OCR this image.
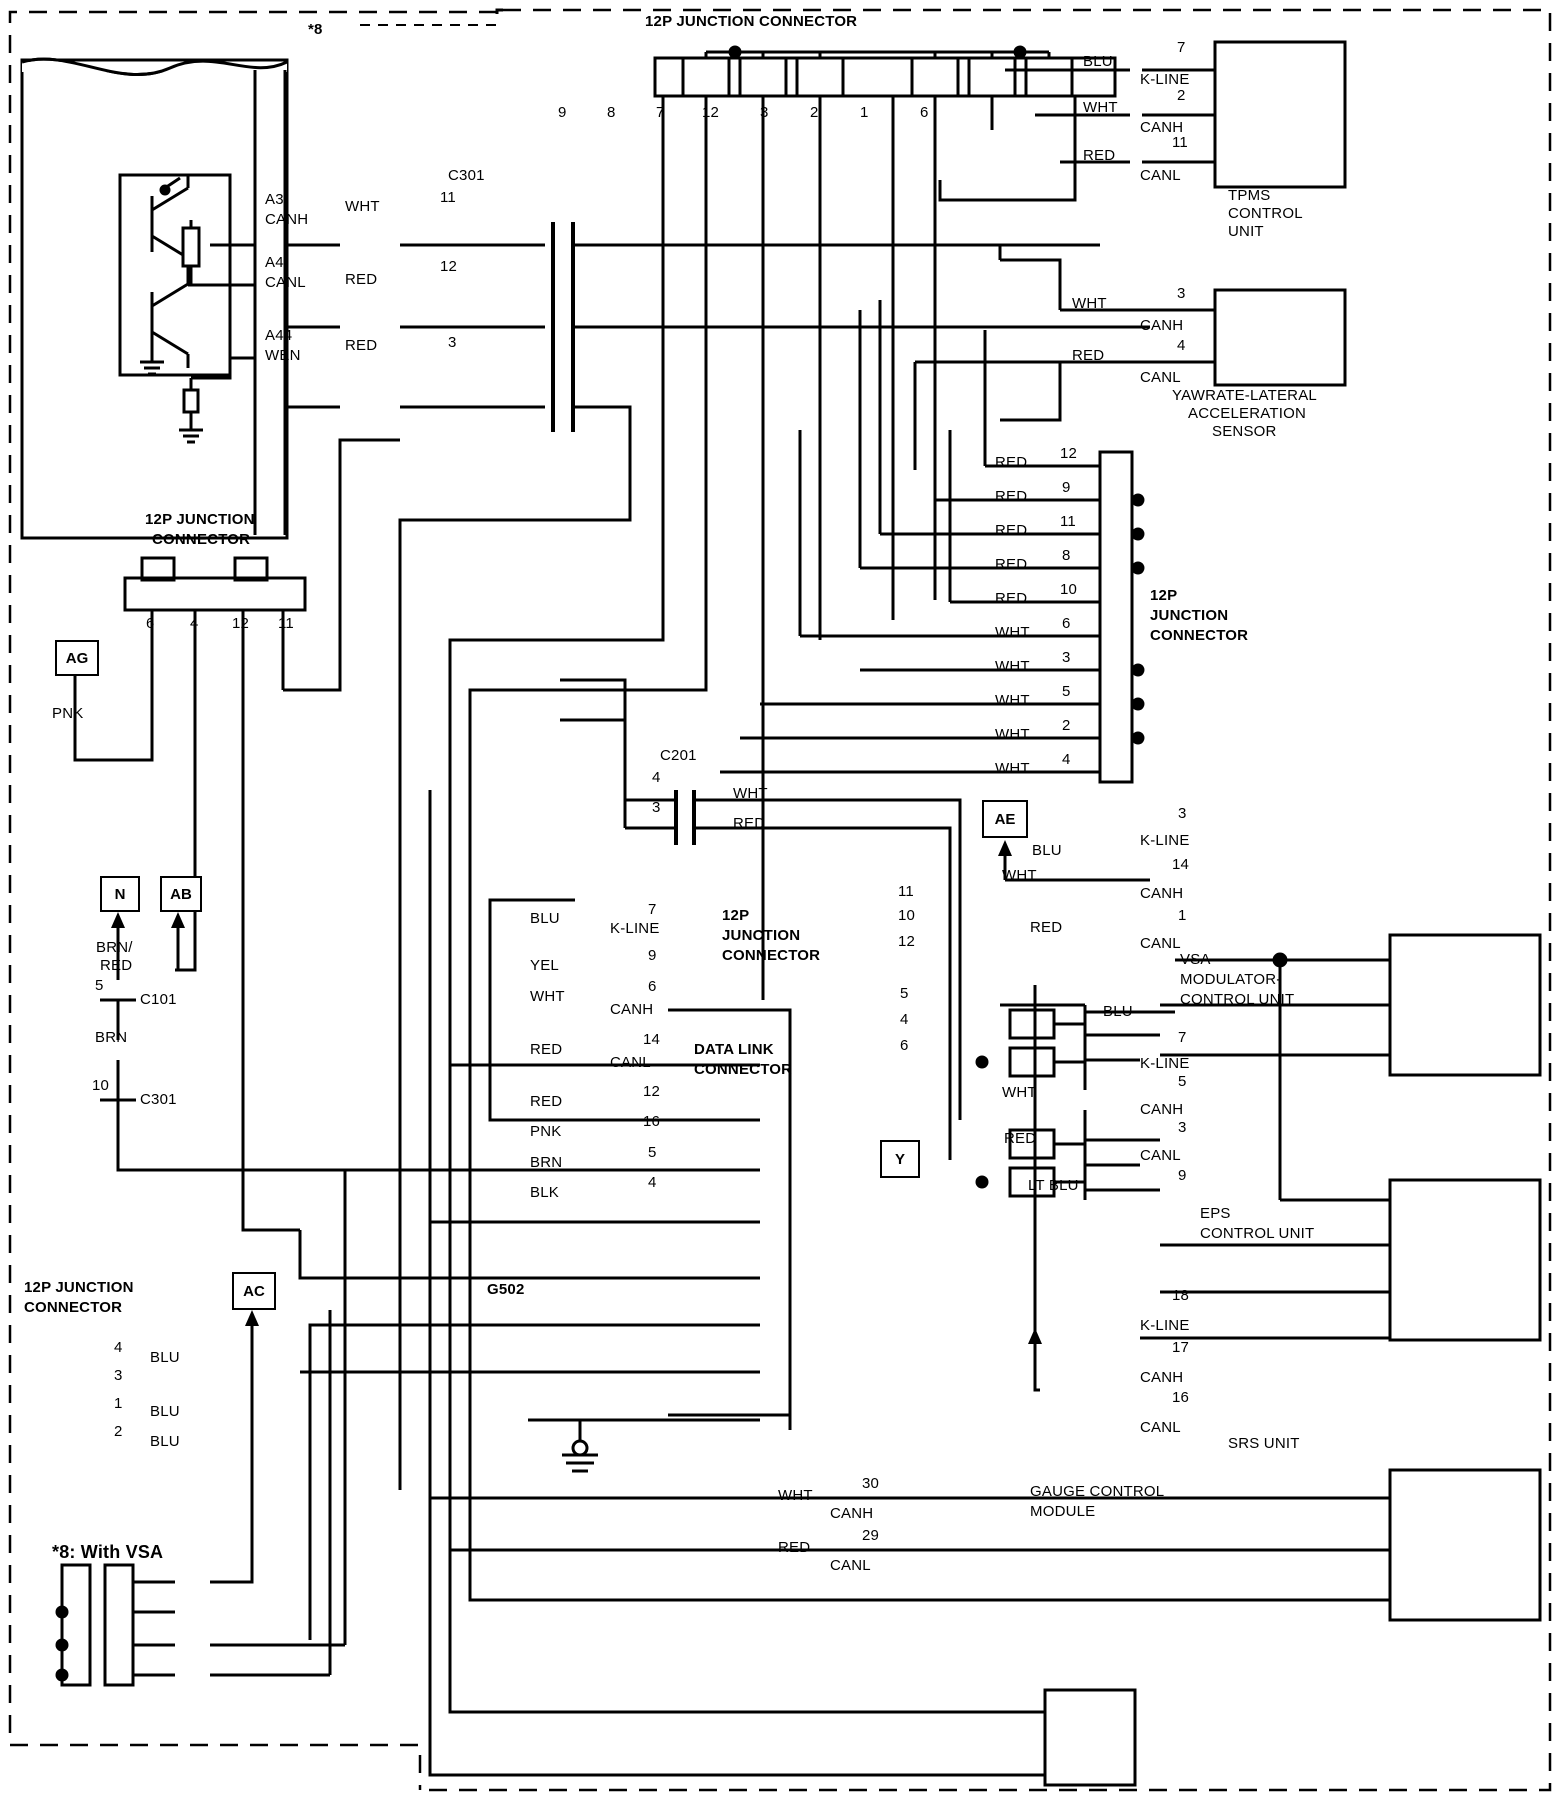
*8	12P JUNCTION CONNECTOR
9	8	7 12	3	2	1	6
A3
CANH
WHT
11
A4
CANL	RED
12
A44
WEN
RED	3
C301
BLU
7
K-LINE
WHT
2
CANH
RED
11
CANL
TPMS
CONTROL
UNIT
WHT
3
CANH
RED
4
CANL
YAWRATE-LATERAL
ACCELERATION
SENSOR
RED
12
RED
9
RED
11
RED
8
RED
10
WHT
6
WHT
3
WHT
5
WHT
2
WHT
4
12P
JUNCTION
CONNECTOR
12P JUNCTION
CONNECTOR
6 4 12 11
AG
PNK
N
BRN/
RED
AB
5
C101
BRN
10
C301
AC
AE
BLU
Y
C201
4
WHT
3
RED
BLU
7
K-LINE
YEL
9
WHT
6
CANH
RED
14
CANL
RED
12
PNK
16
BRN
5
BLK
4
DATA LINK
CONNECTOR
G502
12P
JUNCTION
CONNECTOR
11
10
12
5
4
6
3
K-LINE
WHT
14
CANH
RED
1
CANL
VSA
MODULATOR-
CONTROL UNIT
BLU
7
K-LINE
WHT
5
CANH
RED
3
CANL
LT BLU
9
EPS
CONTROL UNIT
18
K-LINE
17
CANH
16
CANL
SRS UNIT
WHT
30
CANH
RED
29
CANL
GAUGE CONTROL
MODULE
12P JUNCTION
CONNECTOR
4
BLU
3
1 BLU
2
BLU
*8: With VSA
